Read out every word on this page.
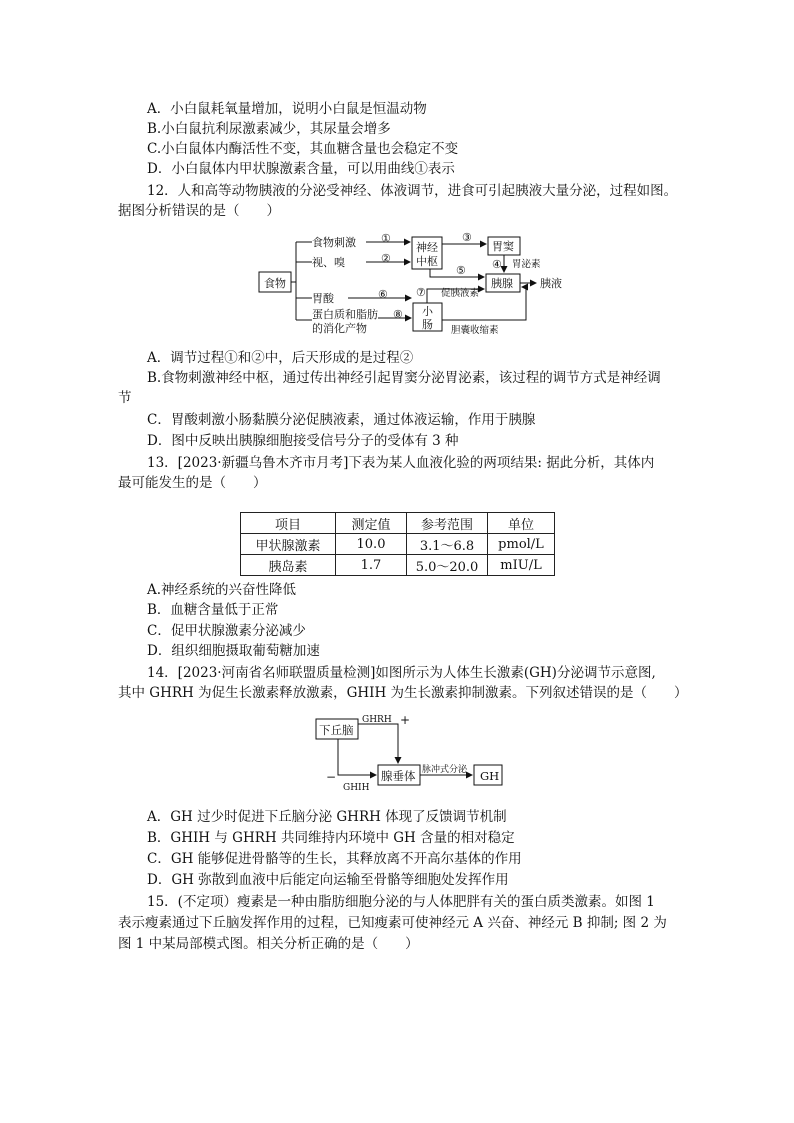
A．小白鼠耗氧量增加，说明小白鼠是恒温动物
B.小白鼠抗利尿激素减少，其尿量会增多
C.小白鼠体内酶活性不变，其血糖含量也会稳定不变
D．小白鼠体内甲状腺激素含量，可以用曲线①表示
12．人和高等动物胰液的分泌受神经、体液调节，进食可引起胰液大量分泌，过程如图。
据图分析错误的是（　　）
食物
食物刺激
视、嗅
胃酸
蛋白质和脂肪
的消化产物
神经
中枢
胃窦
胰腺
小
肠
胰液
胃泌素
促胰液素
胆囊收缩素
①
②
③
④
⑤
⑥	⑦
⑧
A．调节过程①和②中，后天形成的是过程②
B.食物刺激神经中枢，通过传出神经引起胃窦分泌胃泌素，该过程的调节方式是神经调
节
C．胃酸刺激小肠黏膜分泌促胰液素，通过体液运输，作用于胰腺
D．图中反映出胰腺细胞接受信号分子的受体有 3 种
13．[2023·新疆乌鲁木齐市月考]下表为某人血液化验的两项结果: 据此分析，其体内
最可能发生的是（　　）
项目	测定值	参考范围	单位
甲状腺激素	10.0	3.1～6.8	pmol/L
胰岛素	1.7	5.0～20.0	mIU/L
A.神经系统的兴奋性降低
B．血糖含量低于正常
C．促甲状腺激素分泌减少
D．组织细胞摄取葡萄糖加速
14．[2023·河南省名师联盟质量检测]如图所示为人体生长激素(GH)分泌调节示意图,
其中 GHRH 为促生长激素释放激素，GHIH 为生长激素抑制激素。下列叙述错误的是（　　）
下丘脑
腺垂体	GH
GHRH
GHIH
脉冲式分泌
+
−
A．GH 过少时促进下丘脑分泌 GHRH 体现了反馈调节机制
B．GHIH 与 GHRH 共同维持内环境中 GH 含量的相对稳定
C．GH 能够促进骨骼等的生长，其释放离不开高尔基体的作用
D．GH 弥散到血液中后能定向运输至骨骼等细胞处发挥作用
15．(不定项）瘦素是一种由脂肪细胞分泌的与人体肥胖有关的蛋白质类激素。如图 1
表示瘦素通过下丘脑发挥作用的过程，已知瘦素可使神经元 A 兴奋、神经元 B 抑制; 图 2 为
图 1 中某局部模式图。相关分析正确的是（　　）
